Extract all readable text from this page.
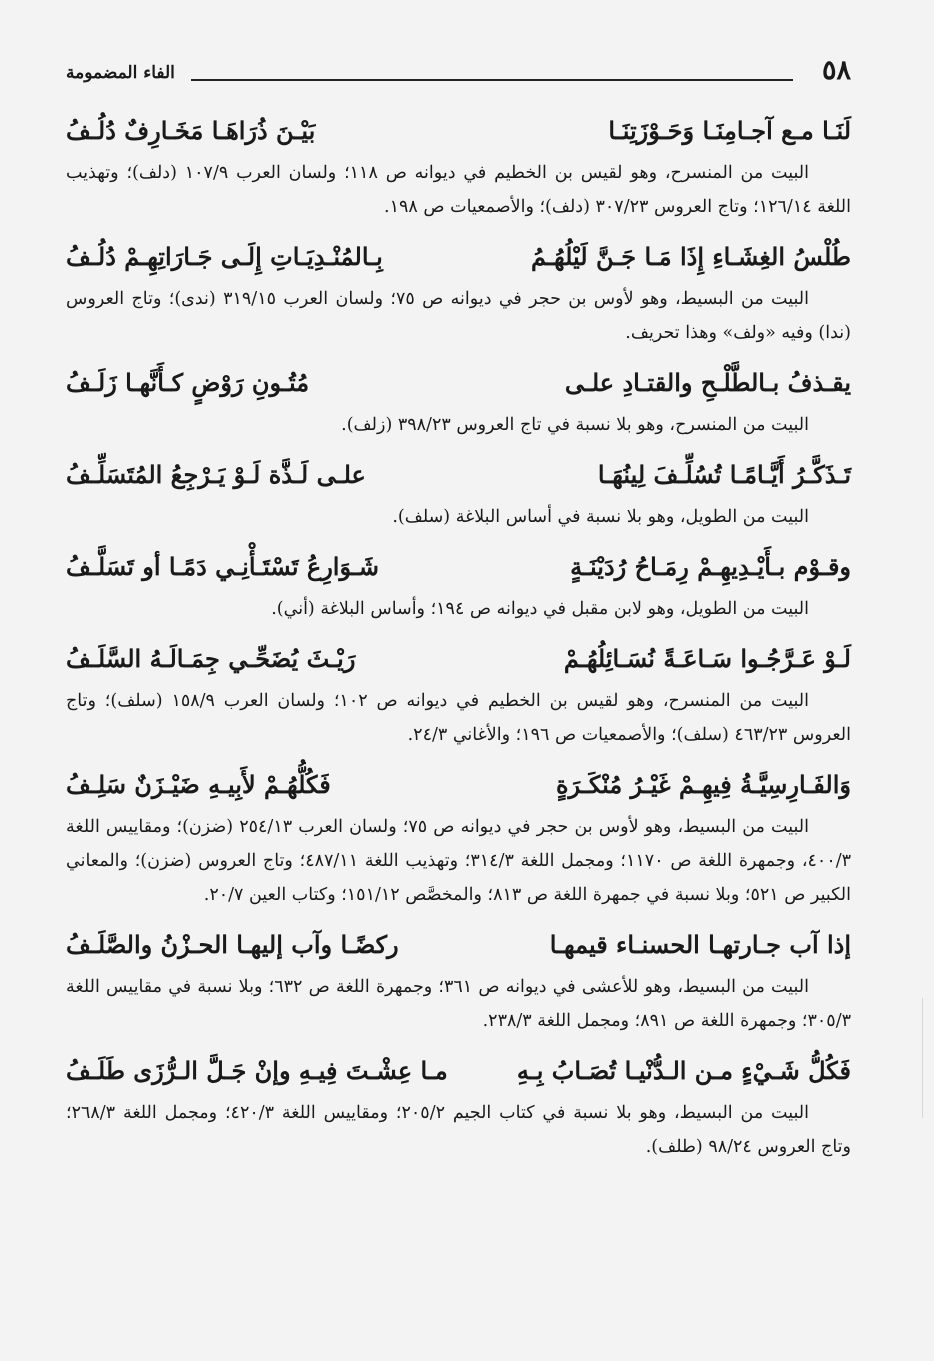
٥٨
الفاء المضمومة
لَنَـا مـع آجـامِنَـا وَحَـوْزَتِنَـا
بَيْـنَ ذُرَاهَـا مَخَـارِفٌ دُلُـفُ

البيت من المنسرح، وهو لقيس بن الخطيم في ديوانه ص ١١٨؛ ولسان العرب ١٠٧/٩ (دلف)؛ وتهذيب اللغة ١٢٦/١٤؛ وتاج العروس ٣٠٧/٢٣ (دلف)؛ والأصمعيات ص ١٩٨.

طُلْسُ الغِشَـاءِ إِذَا مَـا جَـنَّ لَيْلُهُـمُ
بِـالمُنْـدِيَـاتِ إِلَـى جَـارَاتِهِـمْ دُلُـفُ

البيت من البسيط، وهو لأوس بن حجر في ديوانه ص ٧٥؛ ولسان العرب ٣١٩/١٥ (ندى)؛ وتاج العروس (ندا) وفيه «ولف» وهذا تحريف.

يقـذفُ بـالطَّلْـحِ والقتـادِ علـى
مُتُـونِ رَوْضٍ كـأَنَّهـا زَلَـفُ

البيت من المنسرح، وهو بلا نسبة في تاج العروس ٣٩٨/٢٣ (زلف).

تَـذَكَّـرُ أَيَّـامًـا تُسُلِّـفَ لِينُهَـا
علـى لَـذَّة لَـوْ يَـرْجِعُ المُتَسَلِّـفُ

البيت من الطويل، وهو بلا نسبة في أساس البلاغة (سلف).

وقـوْم بـأَيْـدِيهِـمْ رِمَـاحُ رُدَيْنَـةٍ
شَـوَارِعُ تَسْتَـأْنِـي دَمًـا أو تَسَلَّـفُ

البيت من الطويل، وهو لابن مقبل في ديوانه ص ١٩٤؛ وأساس البلاغة (أني).

لَـوْ عَـرَّجُـوا سَـاعَـةً نُسَـائِلُهُـمْ
رَيْـثَ يُضَحِّـي جِمَـالَـهُ السَّلَـفُ

البيت من المنسرح، وهو لقيس بن الخطيم في ديوانه ص ١٠٢؛ ولسان العرب ١٥٨/٩ (سلف)؛ وتاج العروس ٤٦٣/٢٣ (سلف)؛ والأصمعيات ص ١٩٦؛ والأغاني ٢٤/٣.

وَالفَـارِسِيَّـةُ فِيهِـمْ غَيْـرُ مُنْكَـرَةٍ
فَكُلُّهُـمْ لأَبِيـهِ ضَيْـزَنٌ سَلِـفُ

البيت من البسيط، وهو لأوس بن حجر في ديوانه ص ٧٥؛ ولسان العرب ٢٥٤/١٣ (ضزن)؛ ومقاييس اللغة ٤٠٠/٣، وجمهرة اللغة ص ١١٧٠؛ ومجمل اللغة ٣١٤/٣؛ وتهذيب اللغة ٤٨٧/١١؛ وتاج العروس (ضزن)؛ والمعاني الكبير ص ٥٢١؛ وبلا نسبة في جمهرة اللغة ص ٨١٣؛ والمخصَّص ١٥١/١٢؛ وكتاب العين ٢٠/٧.

إذا آب جـارتهـا الحسنـاء قيمهـا
ركضًـا وآب إليهـا الحـزْنُ والصَّلَـفُ

البيت من البسيط، وهو للأعشى في ديوانه ص ٣٦١؛ وجمهرة اللغة ص ٦٣٢؛ وبلا نسبة في مقاييس اللغة ٣٠٥/٣؛ وجمهرة اللغة ص ٨٩١؛ ومجمل اللغة ٢٣٨/٣.

فَكُلُّ شَـيْءٍ مـن الـدُّنْيـا تُصَـابُ بِـهِ
مـا عِشْـتَ فِيـهِ وإنْ جَـلَّ الـرُّزَى طَلَـفُ

البيت من البسيط، وهو بلا نسبة في كتاب الجيم ٢٠٥/٢؛ ومقاييس اللغة ٤٢٠/٣؛ ومجمل اللغة ٢٦٨/٣؛ وتاج العروس ٩٨/٢٤ (طلف).
